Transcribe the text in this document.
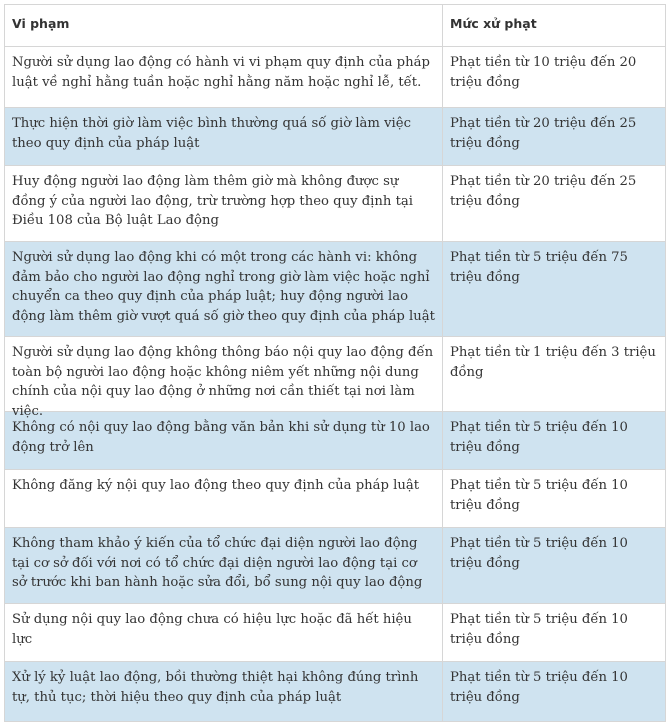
Vi phạm	Mức xử phạt
Người sử dụng lao động có hành vi vi phạm quy định của pháp luật về nghỉ hằng tuần hoặc nghỉ hằng năm hoặc nghỉ lễ, tết.
Phạt tiền từ 10 triệu đến 20 triệu đồng
Thực hiện thời giờ làm việc bình thường quá số giờ làm việc theo quy định của pháp luật
Phạt tiền từ 20 triệu đến 25 triệu đồng
Huy động người lao động làm thêm giờ mà không được sự đồng ý của người lao động, trừ trường hợp theo quy định tại Điều 108 của Bộ luật Lao động
Phạt tiền từ 20 triệu đến 25 triệu đồng
Người sử dụng lao động khi có một trong các hành vi: không đảm bảo cho người lao động nghỉ trong giờ làm việc hoặc nghỉ chuyển ca theo quy định của pháp luật; huy động người lao động làm thêm giờ vượt quá số giờ theo quy định của pháp luật
Phạt tiền từ 5 triệu đến 75 triệu đồng
Người sử dụng lao động không thông báo nội quy lao động đến toàn bộ người lao động hoặc không niêm yết những nội dung chính của nội quy lao động ở những nơi cần thiết tại nơi làm việc.
Phạt tiền từ 1 triệu đến 3 triệu đồng
Không có nội quy lao động bằng văn bản khi sử dụng từ 10 lao động trở lên
Phạt tiền từ 5 triệu đến 10 triệu đồng
Không đăng ký nội quy lao động theo quy định của pháp luật	Phạt tiền từ 5 triệu đến 10 triệu đồng
Không tham khảo ý kiến của tổ chức đại diện người lao động tại cơ sở đối với nơi có tổ chức đại diện người lao động tại cơ sở trước khi ban hành hoặc sửa đổi, bổ sung nội quy lao động
Phạt tiền từ 5 triệu đến 10 triệu đồng
Sử dụng nội quy lao động chưa có hiệu lực hoặc đã hết hiệu lực
Phạt tiền từ 5 triệu đến 10 triệu đồng
Xử lý kỷ luật lao động, bồi thường thiệt hại không đúng trình tự, thủ tục; thời hiệu theo quy định của pháp luật
Phạt tiền từ 5 triệu đến 10 triệu đồng
